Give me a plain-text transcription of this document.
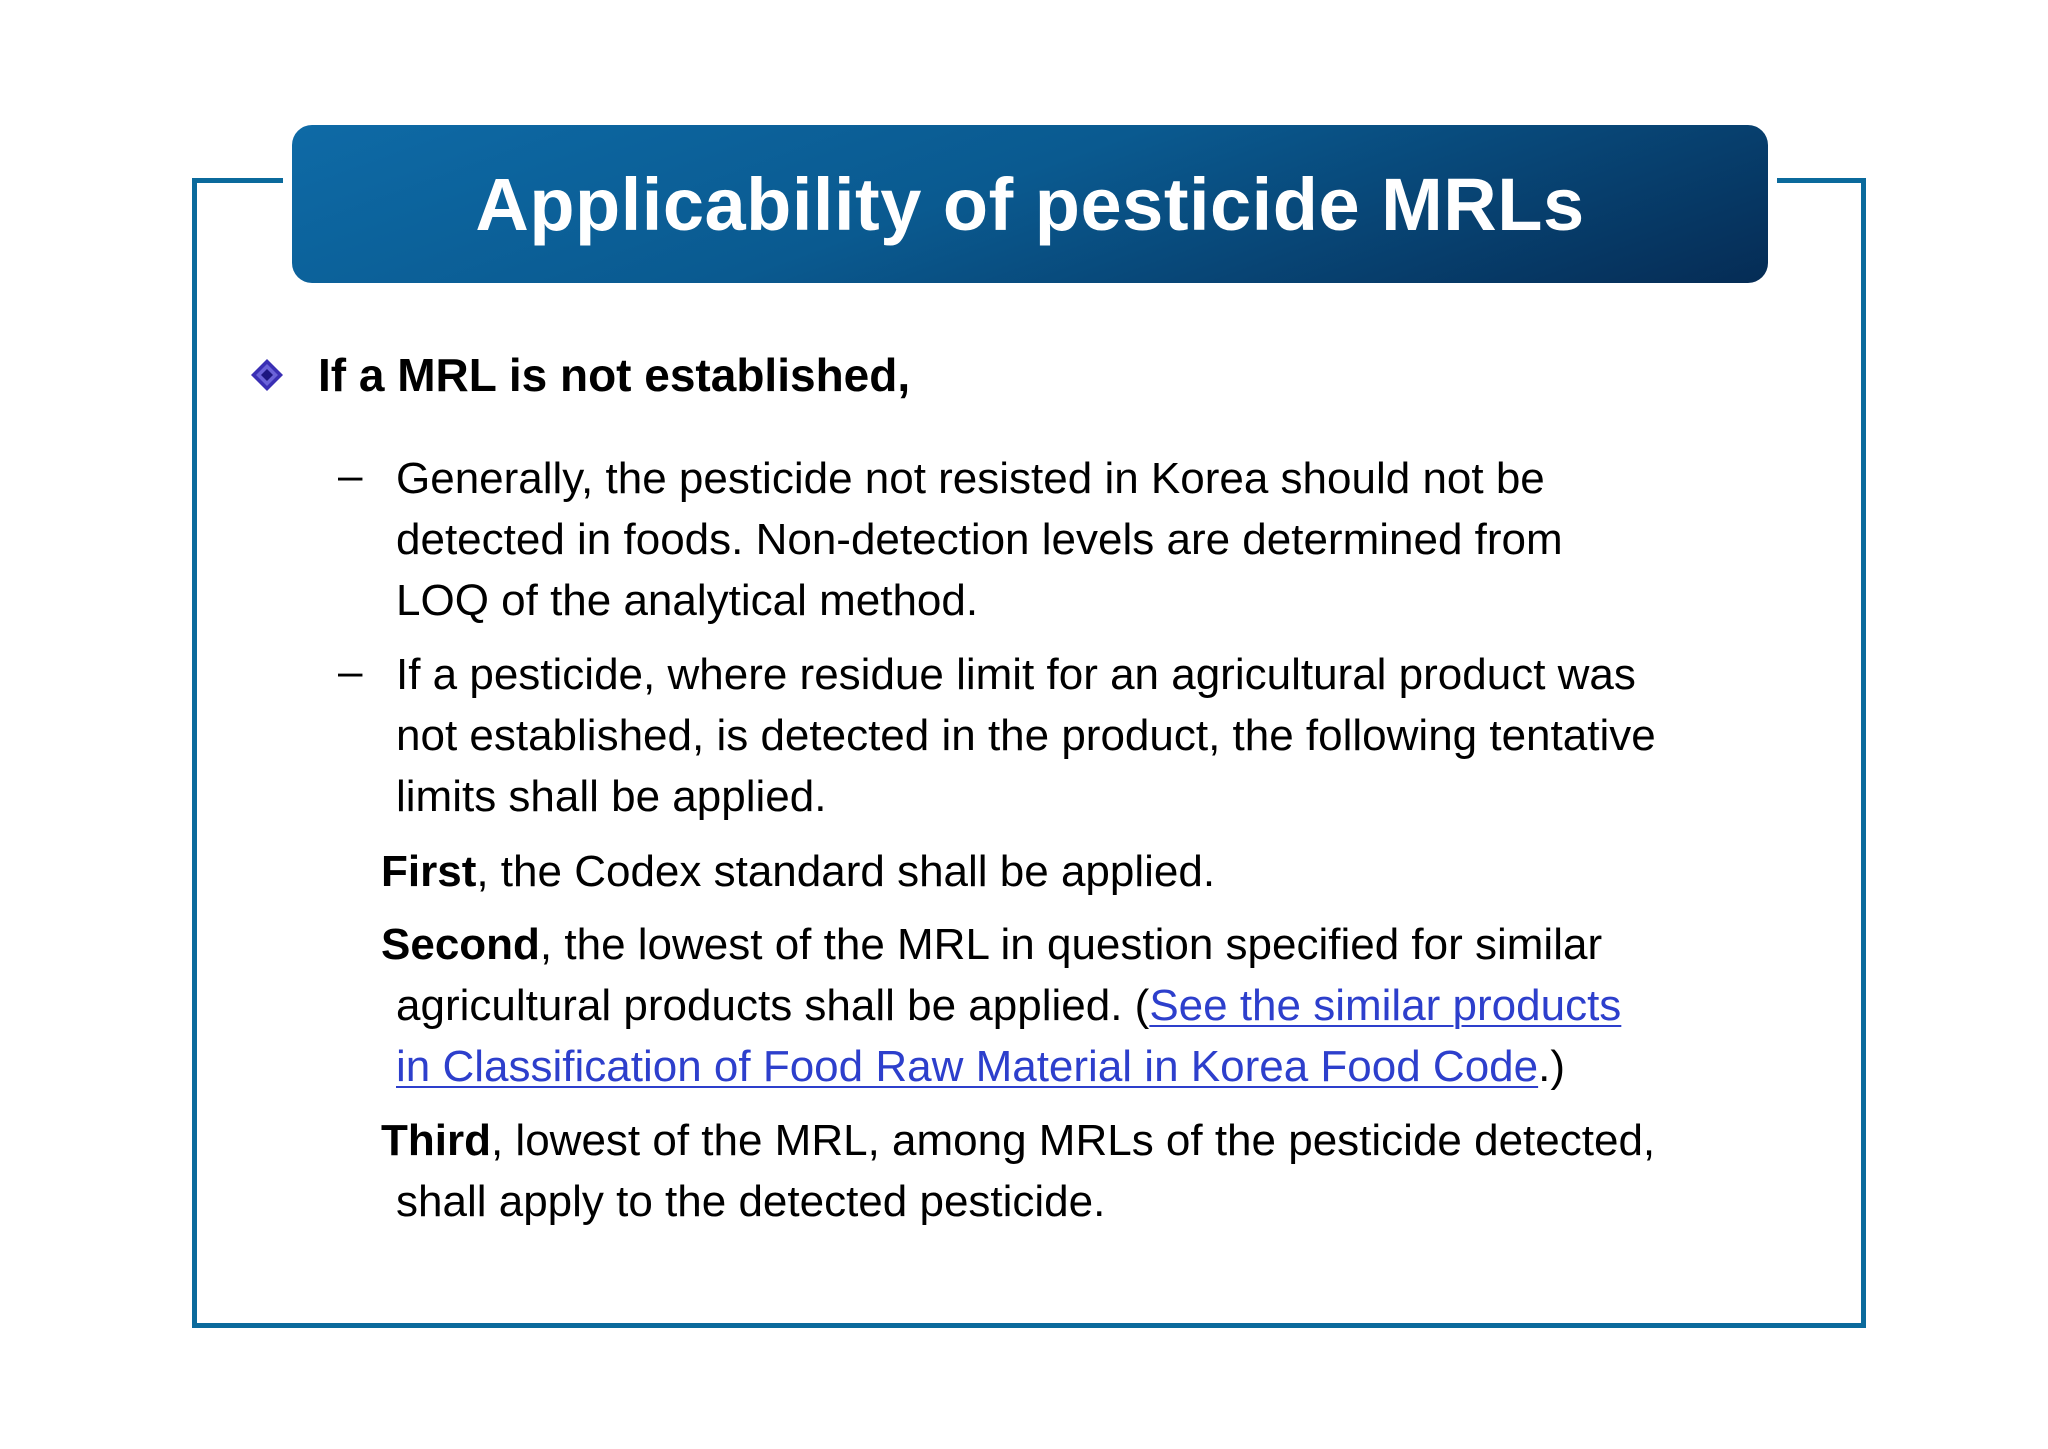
Applicability of pesticide MRLs
If a MRL is not established,
– Generally, the pesticide not resisted in Korea should not be
detected in foods. Non-detection levels are determined from
LOQ of the analytical method.
– If a pesticide, where residue limit for an agricultural product was
not established, is detected in the product, the following tentative
limits shall be applied.
First, the Codex standard shall be applied.
Second, the lowest of the MRL in question specified for similar
agricultural products shall be applied. (See the similar products
in Classification of Food Raw Material in Korea Food Code.)
Third, lowest of the MRL, among MRLs of the pesticide detected,
shall apply to the detected pesticide.
